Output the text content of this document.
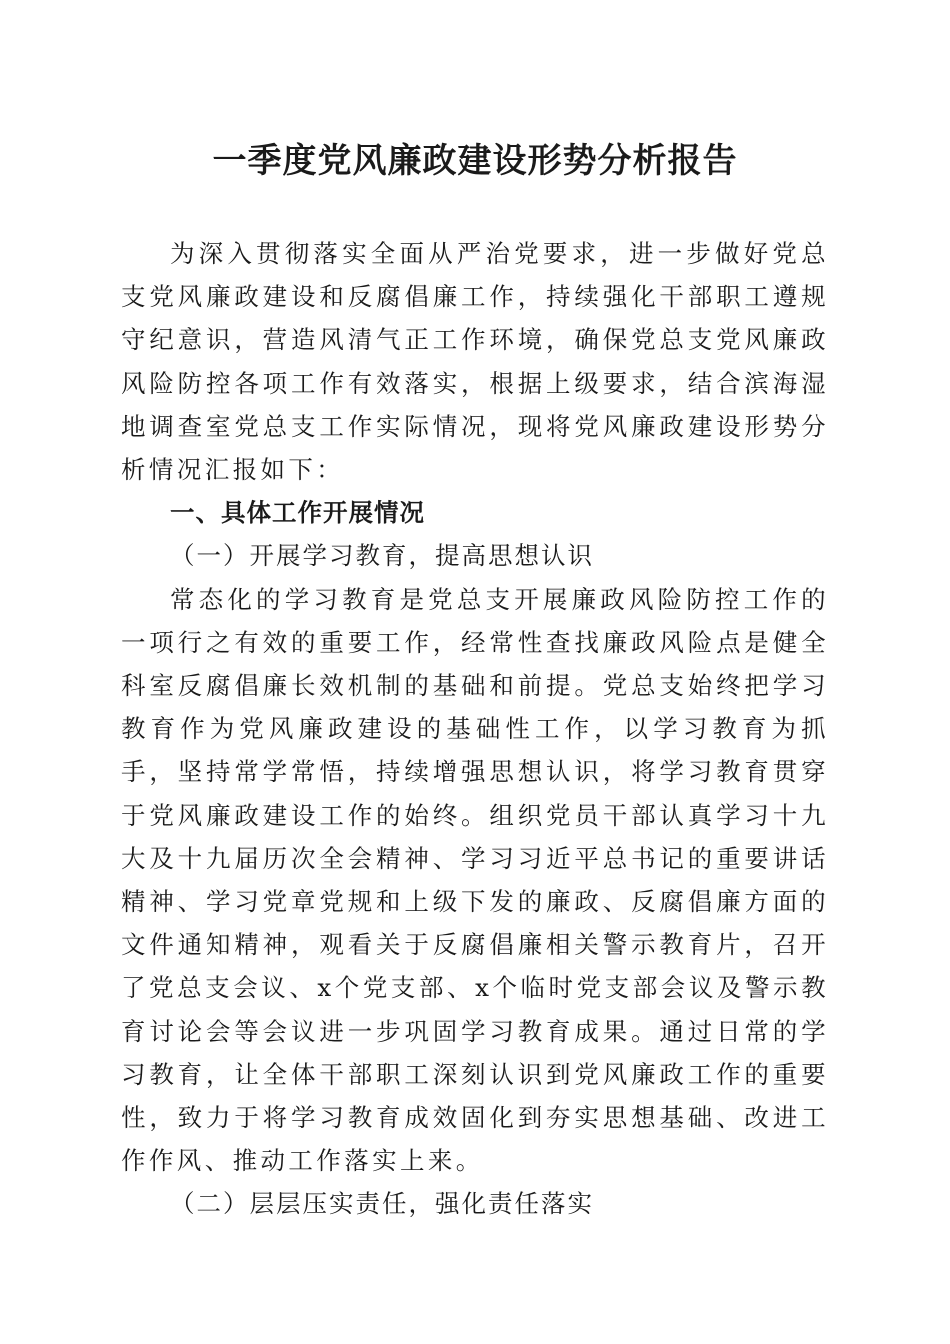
一季度党风廉政建设形势分析报告

为深入贯彻落实全面从严治党要求，进一步做好党总支党风廉政建设和反腐倡廉工作，持续强化干部职工遵规守纪意识，营造风清气正工作环境，确保党总支党风廉政风险防控各项工作有效落实，根据上级要求，结合滨海湿地调查室党总支工作实际情况，现将党风廉政建设形势分析情况汇报如下：

一、具体工作开展情况

（一）开展学习教育，提高思想认识

常态化的学习教育是党总支开展廉政风险防控工作的一项行之有效的重要工作，经常性查找廉政风险点是健全科室反腐倡廉长效机制的基础和前提。党总支始终把学习教育作为党风廉政建设的基础性工作，以学习教育为抓手，坚持常学常悟，持续增强思想认识，将学习教育贯穿于党风廉政建设工作的始终。组织党员干部认真学习十九大及十九届历次全会精神、学习习近平总书记的重要讲话精神、学习党章党规和上级下发的廉政、反腐倡廉方面的文件通知精神，观看关于反腐倡廉相关警示教育片，召开了党总支会议、x个党支部、x个临时党支部会议及警示教育讨论会等会议进一步巩固学习教育成果。通过日常的学习教育，让全体干部职工深刻认识到党风廉政工作的重要性，致力于将学习教育成效固化到夯实思想基础、改进工作作风、推动工作落实上来。

（二）层层压实责任，强化责任落实
